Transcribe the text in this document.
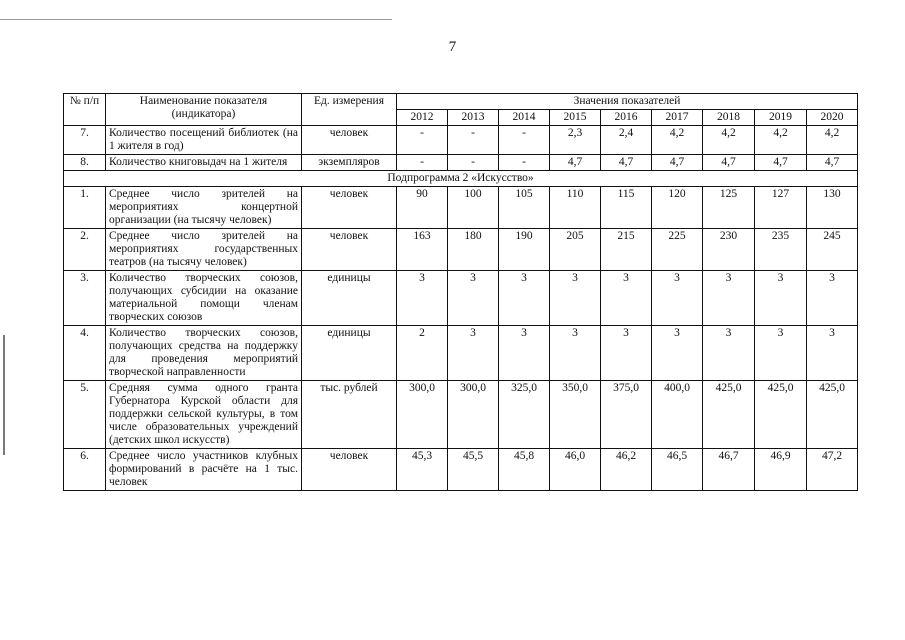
7
№ п/п	Наименование показателя (индикатора)	Ед. измерения	Значения показателей								
			2012	2013	2014	2015	2016	2017	2018	2019	2020
7.	Количество посещений библиотек (на 1 жителя в год)	человек	-	-	-	2,3	2,4	4,2	4,2	4,2	4,2
8.	Количество книговыдач на 1 жителя	экземпляров	-	-	-	4,7	4,7	4,7	4,7	4,7	4,7
Подпрограмма 2 «Искусство»											
1.	Среднее число зрителей на мероприятиях концертной организации (на тысячу человек)	человек	90	100	105	110	115	120	125	127	130
2.	Среднее число зрителей на мероприятиях государственных театров (на тысячу человек)	человек	163	180	190	205	215	225	230	235	245
3.	Количество творческих союзов, получающих субсидии на оказание материальной помощи членам творческих союзов	единицы	3	3	3	3	3	3	3	3	3
4.	Количество творческих союзов, получающих средства на поддержку для проведения мероприятий творческой направленности	единицы	2	3	3	3	3	3	3	3	3
5.	Средняя сумма одного гранта Губернатора Курской области для поддержки сельской культуры, в том числе образовательных учреждений (детских школ искусств)	тыс. рублей	300,0	300,0	325,0	350,0	375,0	400,0	425,0	425,0	425,0
6.	Среднее число участников клубных формирований в расчёте на 1 тыс. человек	человек	45,3	45,5	45,8	46,0	46,2	46,5	46,7	46,9	47,2
